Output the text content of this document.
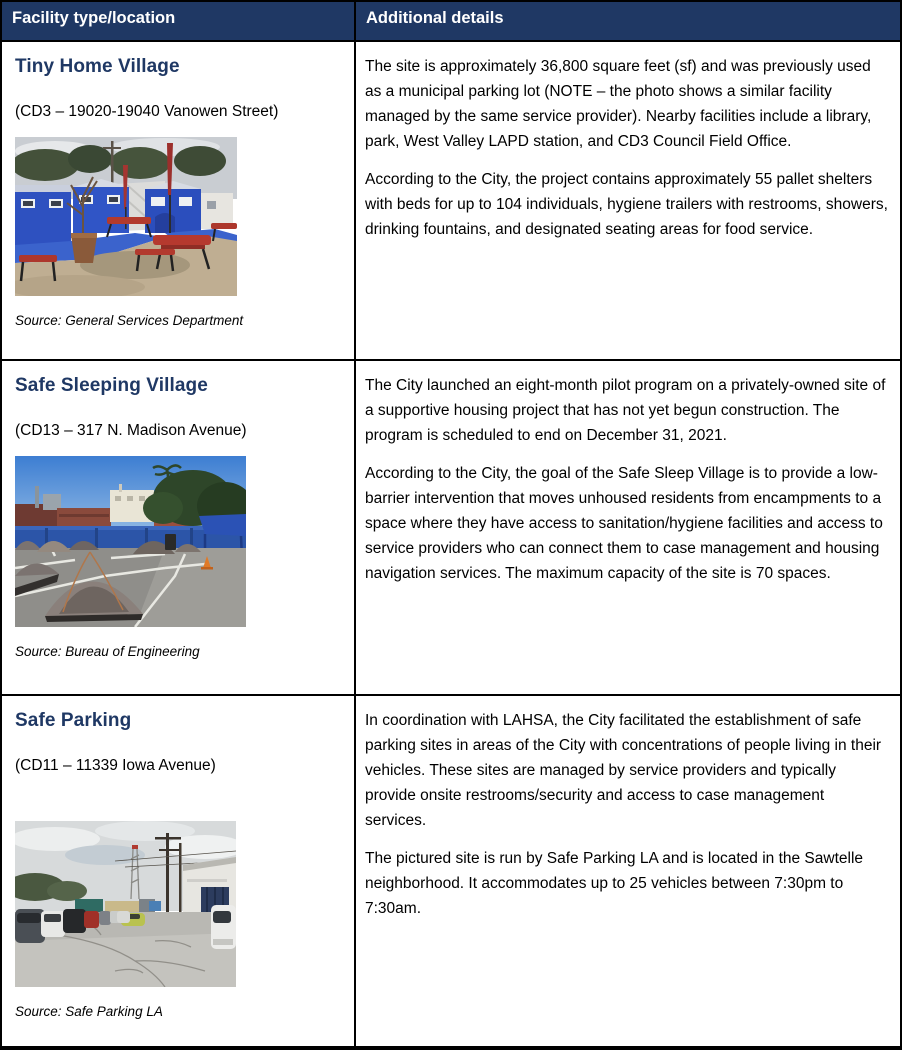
Facility type/location	Additional details
Tiny Home Village
(CD3 – 19020-19040 Vanowen Street)
Source: General Services Department

The site is approximately 36,800 square feet (sf) and was previously used as a municipal parking lot (NOTE – the photo shows a similar facility managed by the same service provider). Nearby facilities include a library, park, West Valley LAPD station, and CD3 Council Field Office.

According to the City, the project contains approximately 55 pallet shelters with beds for up to 104 individuals, hygiene trailers with restrooms, showers, drinking fountains, and designated seating areas for food service.

Safe Sleeping Village
(CD13 – 317 N. Madison Avenue)
Source: Bureau of Engineering

The City launched an eight-month pilot program on a privately-owned site of a supportive housing project that has not yet begun construction. The program is scheduled to end on December 31, 2021.

According to the City, the goal of the Safe Sleep Village is to provide a low-barrier intervention that moves unhoused residents from encampments to a space where they have access to sanitation/hygiene facilities and access to service providers who can connect them to case management and housing navigation services. The maximum capacity of the site is 70 spaces.

Safe Parking
(CD11 – 11339 Iowa Avenue)
Source: Safe Parking LA

In coordination with LAHSA, the City facilitated the establishment of safe parking sites in areas of the City with concentrations of people living in their vehicles. These sites are managed by service providers and typically provide onsite restrooms/security and access to case management services.

The pictured site is run by Safe Parking LA and is located in the Sawtelle neighborhood. It accommodates up to 25 vehicles between 7:30pm to 7:30am.
